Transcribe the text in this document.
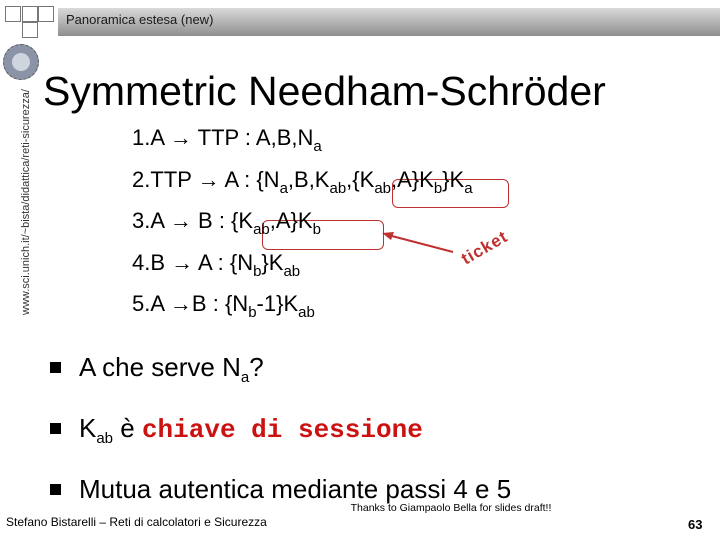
Panoramica estesa (new)
www.sci.unich.it/~bista/didattica/reti-sicurezza/ Symmetric Needham-Schröder
ticket
1.A → TTP : $A,B,N_a$
2.TTP → A : $\{N_a,B,K_{ab},\{K_{ab},A\}K_b\}K_a$
3.A → B : $\{K_{ab},A\}K_b$
4.B → A : $\{N_b\}K_{ab}$
5.A →B : $\{N_b-1\}K_{ab}$
A che serve $N_a$?
$K_{ab}$ è chiave di sessione
Mutua autentica mediante passi 4 e 5
Stefano Bistarelli – Reti di calcolatori e Sicurezza
Thanks to Giampaolo Bella for slides draft!!
63
